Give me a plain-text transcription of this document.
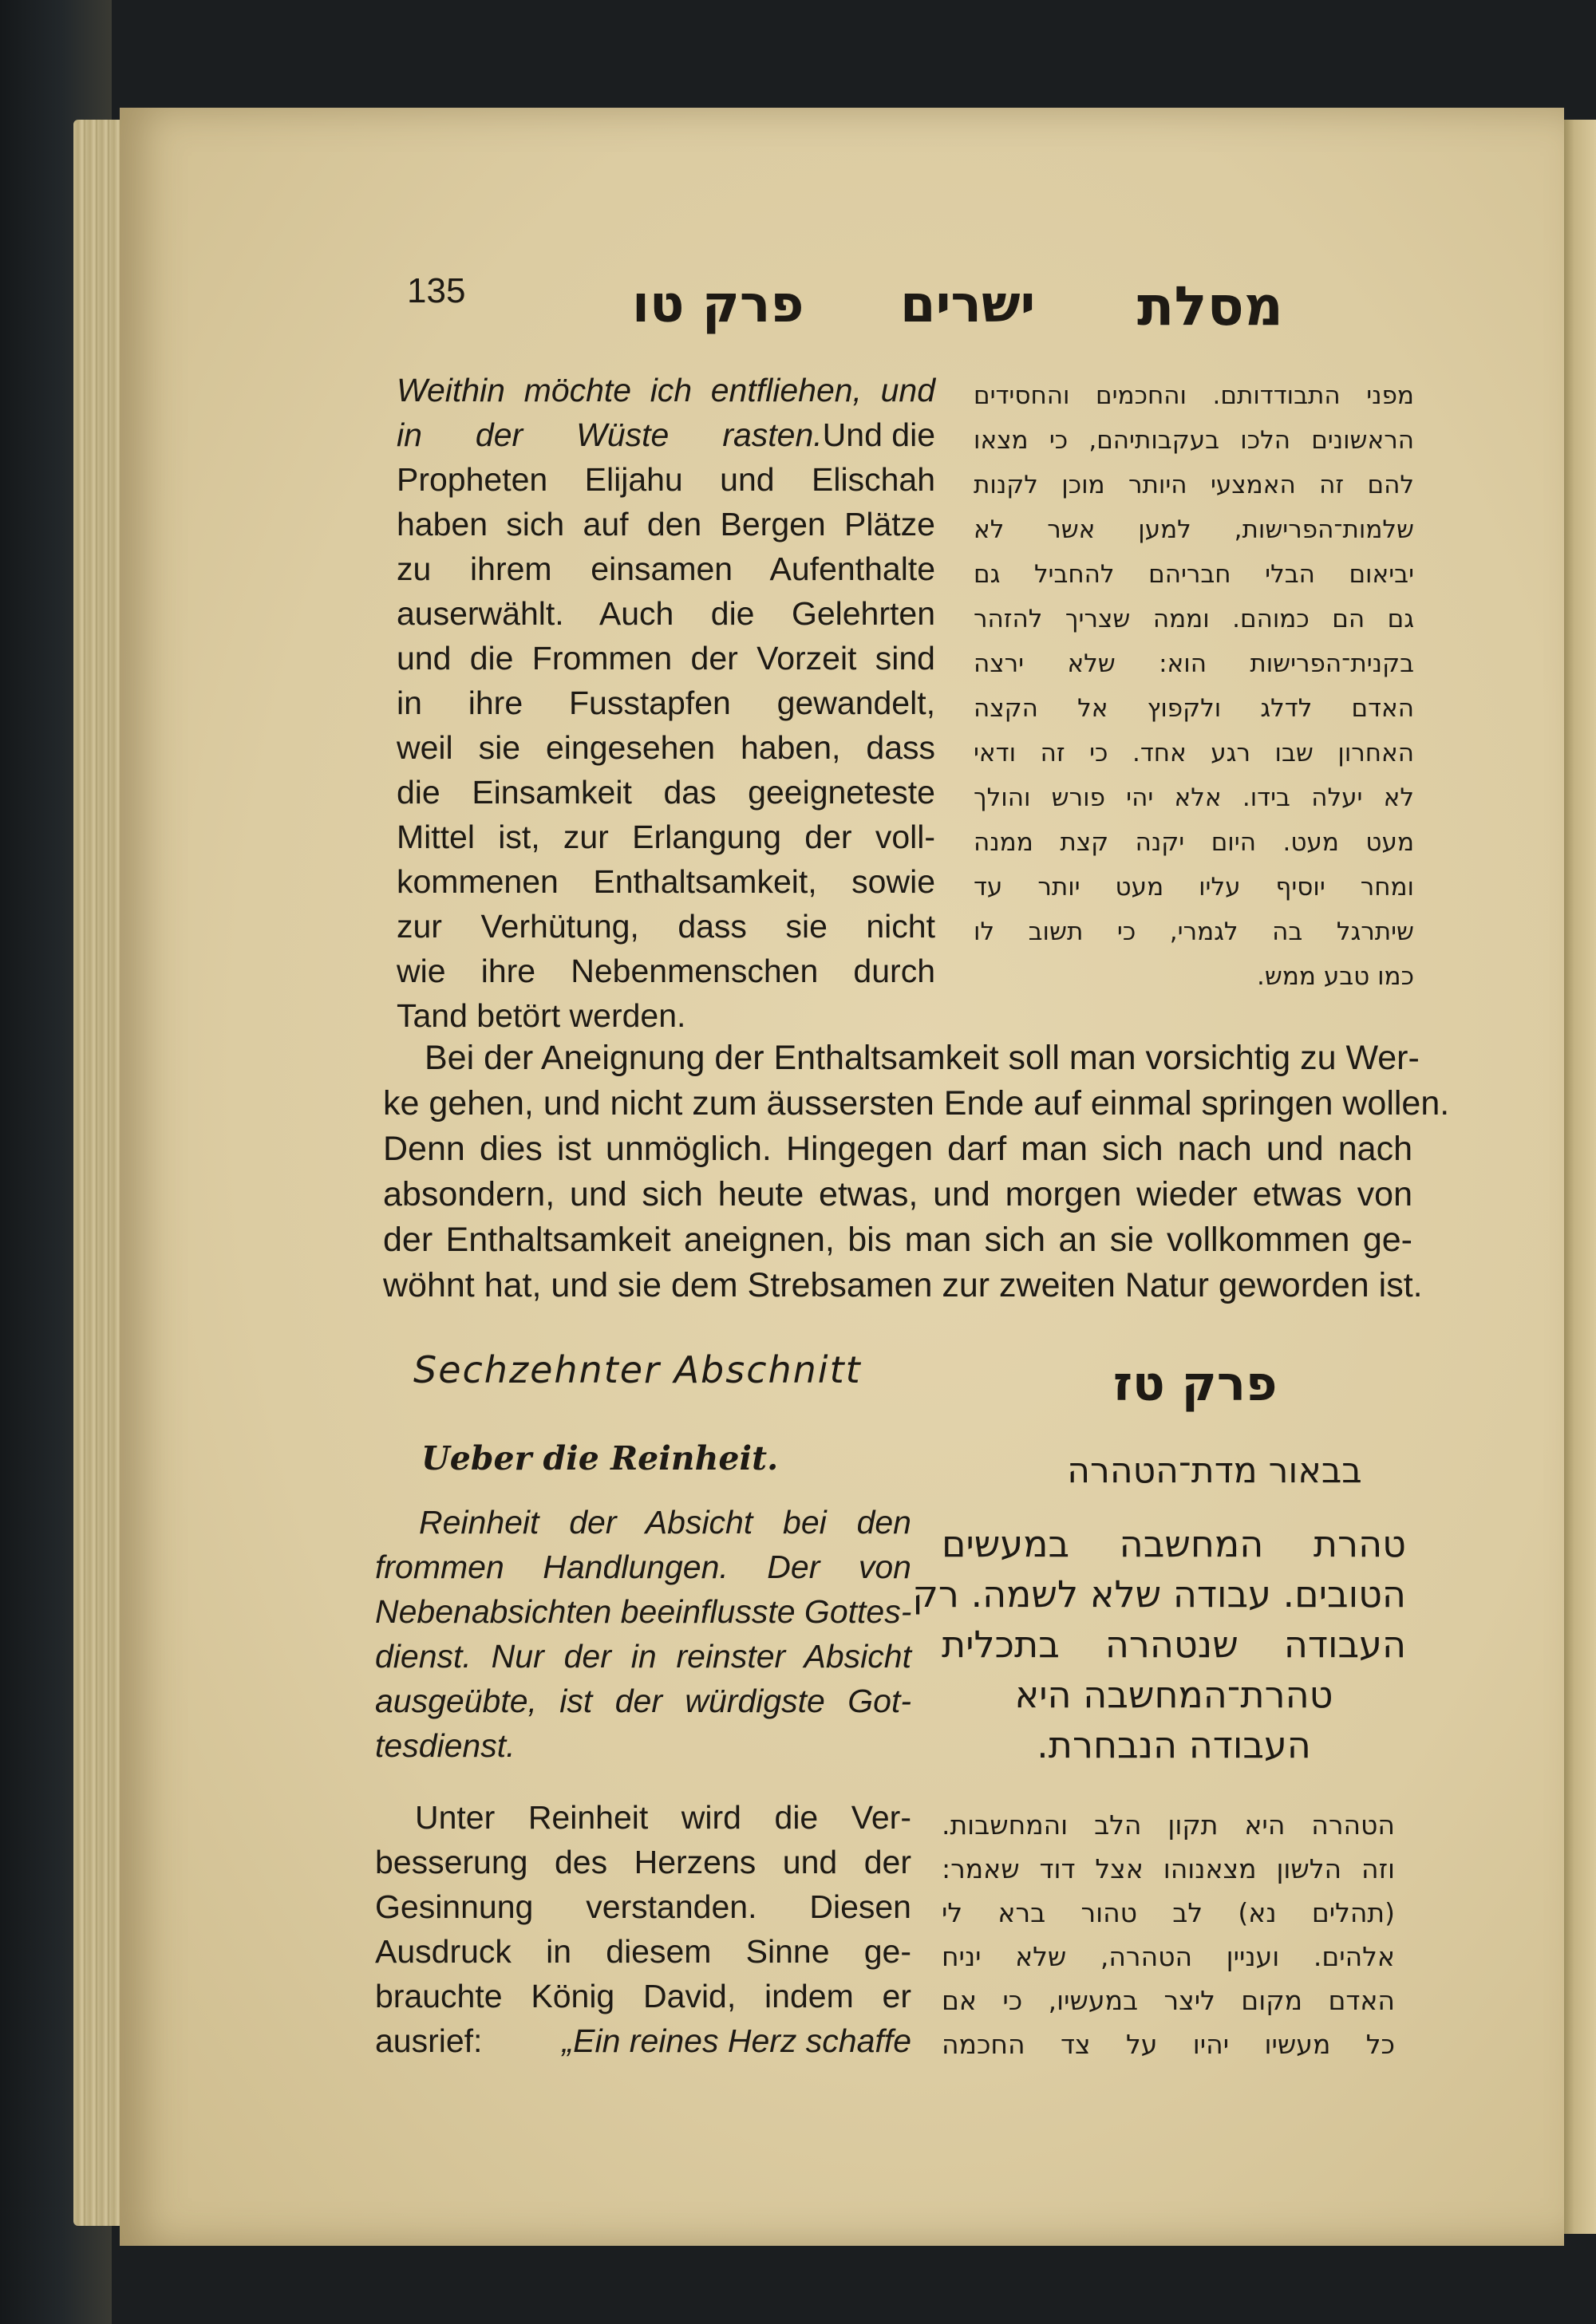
135	מסלת
ישרים
פרק טו
Weithin möchte ich entfliehen, und
in der Wüste rasten. Und die
Propheten Elijahu und Elischah
haben sich auf den Bergen Plätze
zu ihrem einsamen Aufenthalte
auserwählt. Auch die Gelehrten
und die Frommen der Vorzeit sind
in ihre Fusstapfen gewandelt,
weil sie eingesehen haben, dass
die Einsamkeit das geeigneteste
Mittel ist, zur Erlangung der voll-
kommenen Enthaltsamkeit, sowie
zur Verhütung, dass sie nicht
wie ihre Nebenmenschen durch
Tand betört werden.
מפני התבודדותם. והחכמים והחסידים
הראשונים הלכו בעקבותיהם, כי מצאו
להם זה האמצעי היותר מוכן לקנות
שלמות־הפרישות, למען אשר לא
יביאום הבלי חבריהם להחביל גם
גם הם כמוהם. וממה שצריך להזהר
בקנית־הפרישות הוא: שלא ירצה
האדם לדלג ולקפוץ אל הקצה
האחרון שבו רגע אחד. כי זה ודאי
לא יעלה בידו. אלא יהי פורש והולך
מעט מעט. היום יקנה קצת ממנה
ומחר יוסיף עליו מעט יותר עד
שיתרגל בה לגמרי, כי תשוב לו
כמו טבע ממש.
Bei der Aneignung der Enthaltsamkeit soll man vorsichtig zu Wer-
ke gehen, und nicht zum äussersten Ende auf einmal springen wollen.
Denn dies ist unmöglich. Hingegen darf man sich nach und nach
absondern, und sich heute etwas, und morgen wieder etwas von
der Enthaltsamkeit aneignen, bis man sich an sie vollkommen ge-
wöhnt hat, und sie dem Strebsamen zur zweiten Natur geworden ist.
Sechzehnter Abschnitt
Ueber die Reinheit.
פרק טז
בבאור מדת־הטהרה
Reinheit der Absicht bei den
frommen Handlungen. Der von
Nebenabsichten beeinflusste Gottes-
dienst. Nur der in reinster Absicht
ausgeübte, ist der würdigste Got-
tesdienst.
טהרת המחשבה במעשים
הטובים. עבודה שלא לשמה. רק
העבודה שנטהרה בתכלית
טהרת־המחשבה היא
העבודה הנבחרת.
Unter Reinheit wird die Ver-
besserung des Herzens und der
Gesinnung verstanden. Diesen
Ausdruck in diesem Sinne ge-
brauchte König David, indem er
ausrief: „Ein reines Herz schaffe
הטהרה היא תקון הלב והמחשבות.
וזה הלשון מצאנוהו אצל דוד שאמר:
(תהלים נא) לב טהור ברא לי
אלהים. ועניין הטהרה, שלא יניח
האדם מקום ליצר במעשיו, כי אם
כל מעשיו יהיו על צד החכמה
